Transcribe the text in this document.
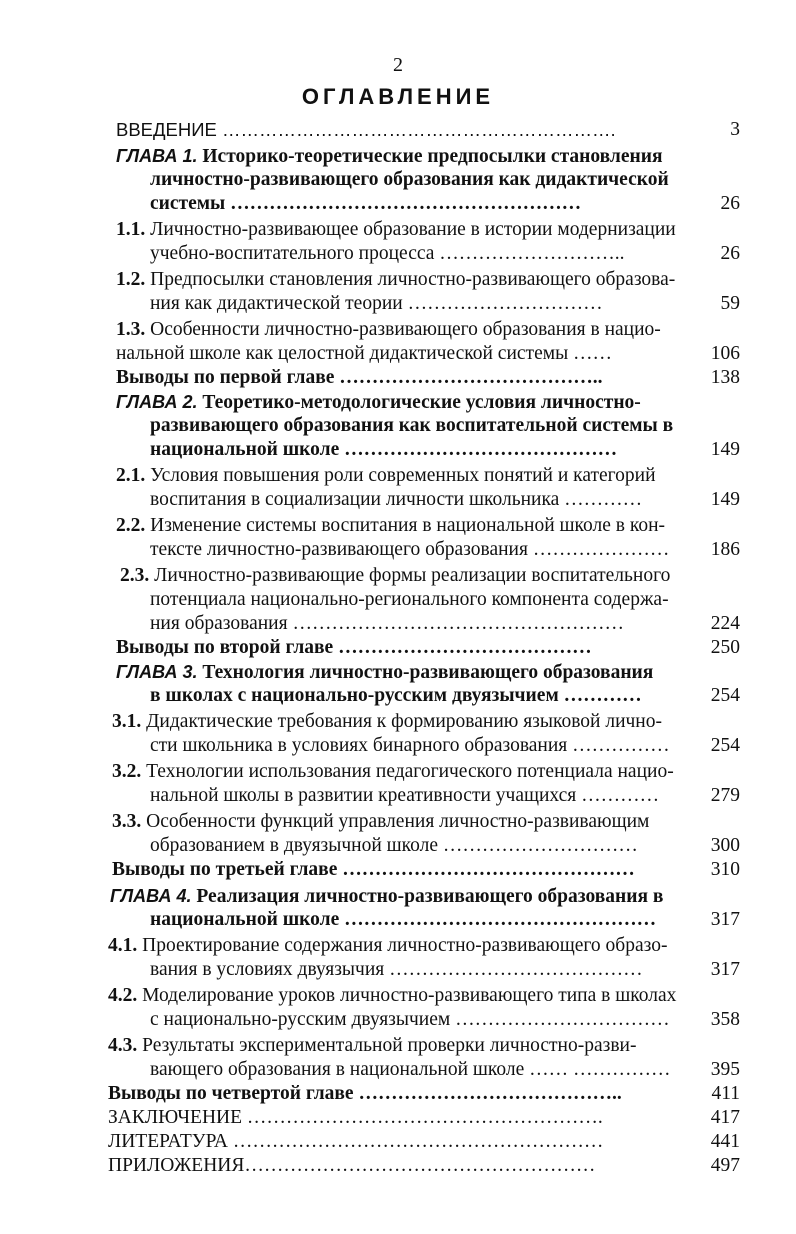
2
ОГЛАВЛЕНИЕ
ВВЕДЕНИЕ ……………………………………………………….	3
ГЛАВА 1. Историко-теоретические предпосылки становления
личностно-развивающего образования как дидактической
системы ………………………………………………	26
1.1. Личностно-развивающее образование в истории модернизации
учебно-воспитательного процесса ………………………..	26
1.2. Предпосылки становления личностно-развивающего образова-
ния как дидактической теории …………………………	59
1.3. Особенности личностно-развивающего образования в нацио-
нальной школе как целостной дидактической системы ……	106
Выводы по первой главе …………………………………..	138
ГЛАВА 2. Теоретико-методологические условия личностно-
развивающего образования как воспитательной системы в
национальной школе ……………………………………	149
2.1. Условия повышения роли современных понятий и категорий
воспитания в социализации личности школьника …………	149
2.2. Изменение системы воспитания в национальной школе в кон-
тексте личностно-развивающего образования …………………	186
2.3. Личностно-развивающие формы реализации воспитательного
потенциала национально-регионального компонента содержа-
ния образования ……………………………………………	224
Выводы по второй главе …………………………………	250
ГЛАВА 3. Технология личностно-развивающего образования
в школах с национально-русским двуязычием …………	254
3.1. Дидактические требования к формированию языковой лично-
сти школьника в условиях бинарного образования ……………	254
3.2. Технологии использования педагогического потенциала нацио-
нальной школы в развитии креативности учащихся …………	279
3.3. Особенности функций управления личностно-развивающим
образованием в двуязычной школе …………………………	300
Выводы по третьей главе ………………………………………	310
ГЛАВА 4. Реализация личностно-развивающего образования в
национальной школе …………………………………………	317
4.1. Проектирование содержания личностно-развивающего образо-
вания в условиях двуязычия …………………………………	317
4.2. Моделирование уроков личностно-развивающего типа в школах
с национально-русским двуязычием ……………………………	358
4.3. Результаты экспериментальной проверки личностно-разви-
вающего образования в национальной школе …… ……………	395
Выводы по четвертой главе …………………………………..	411
ЗАКЛЮЧЕНИЕ ……………………………………………….	417
ЛИТЕРАТУРА …………………………………………………	441
ПРИЛОЖЕНИЯ………………………………………………	497
